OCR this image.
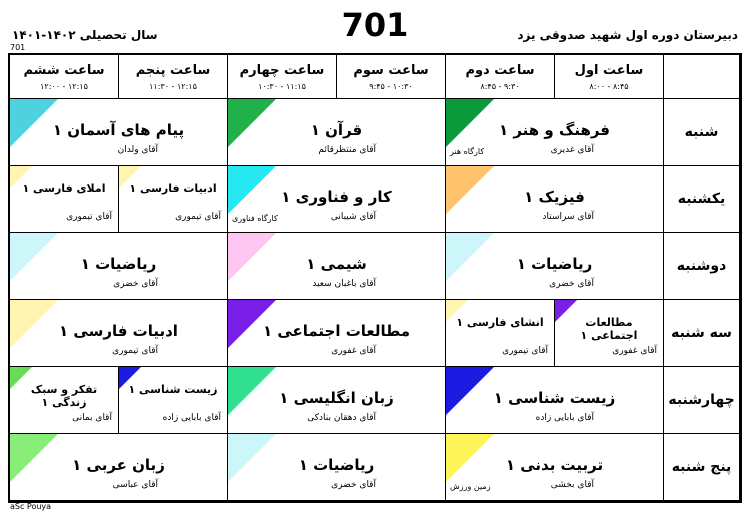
دبیرستان دوره اول شهید صدوقی یزد
701
سال تحصیلی ۱۴۰۲-۱۴۰۱
701
ساعت اول
۸:۰۰ - ۸:۴۵
ساعت دوم
۸:۴۵ - ۹:۳۰
ساعت سوم
۹:۴۵ - ۱۰:۳۰
ساعت چهارم
۱۰:۳۰ - ۱۱:۱۵
ساعت پنجم
۱۱:۳۰ - ۱۲:۱۵
ساعت ششم
۱۲:۰۰ - ۱۲:۱۵
شنبه
یکشنبه
دوشنبه
سه شنبه
چهارشنبه
پنج شنبه
فرهنگ و هنر ۱
آقای غدیری
کارگاه هنر
قرآن ۱
آقای منتظرقائم
پیام های آسمان ۱
آقای ولدان
فیزیک ۱
آقای سراستاد
کار و فناوری ۱
آقای شیبانی
کارگاه فناوری
ادبیات فارسی ۱
آقای تیموری
املای فارسی ۱
آقای تیموری
ریاضیات ۱
آقای خضری
شیمی ۱
آقای باغبان سعید
ریاضیات ۱
آقای خضری
مطالعات اجتماعی ۱
آقای غفوری
انشای فارسی ۱
آقای تیموری
مطالعات اجتماعی ۱
آقای غفوری
ادبیات فارسی ۱
آقای تیموری
زیست شناسی ۱
آقای بابایی زاده
زبان انگلیسی ۱
آقای دهقان بنادکی
زیست شناسی ۱
آقای بابایی زاده
تفکر و سبک زندگی ۱
آقای بمانی
تربیت بدنی ۱
آقای بخشی
زمین ورزش
ریاضیات ۱
آقای خضری
زبان عربی ۱
آقای عباسی
aSc Pouya
